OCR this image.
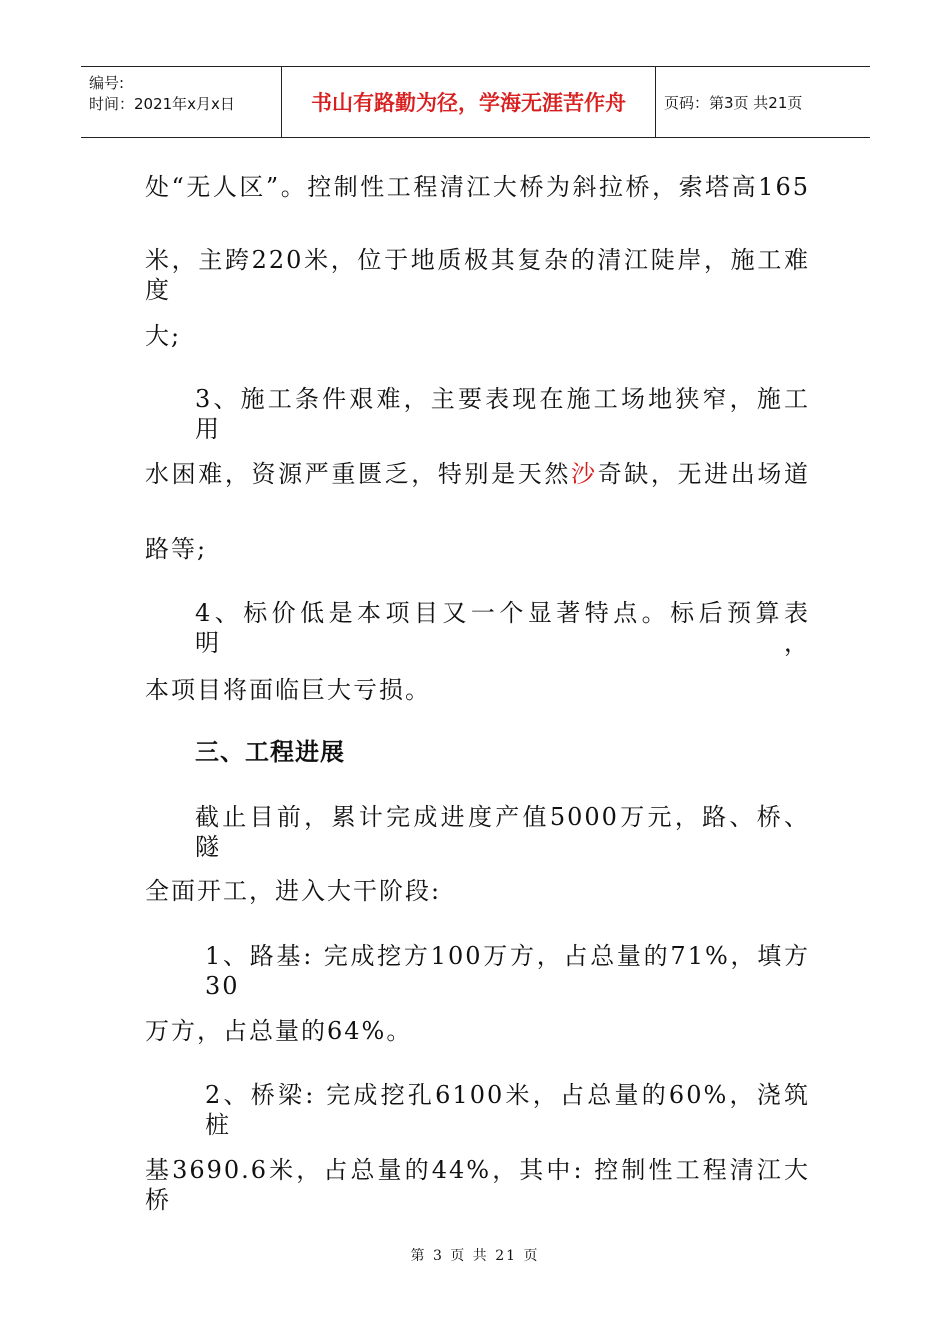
编号:
时间：2021年x月x日	书山有路勤为径，学海无涯苦作舟	页码：第3页 共21页
处“无人区”。控制性工程清江大桥为斜拉桥，索塔高165
米，主跨220米，位于地质极其复杂的清江陡岸，施工难度
大;
3、施工条件艰难，主要表现在施工场地狭窄，施工用
水困难，资源严重匮乏，特别是天然沙奇缺，无进出场道
路等;
4、标价低是本项目又一个显著特点。标后预算表明，
本项目将面临巨大亏损。
三、工程进展
截止目前，累计完成进度产值5000万元，路、桥、隧
全面开工，进入大干阶段:
1、路基: 完成挖方100万方，占总量的71%，填方30
万方，占总量的64%。
2、桥梁: 完成挖孔6100米，占总量的60%，浇筑桩
基3690.6米，占总量的44%，其中: 控制性工程清江大桥
第 3 页 共 21 页
